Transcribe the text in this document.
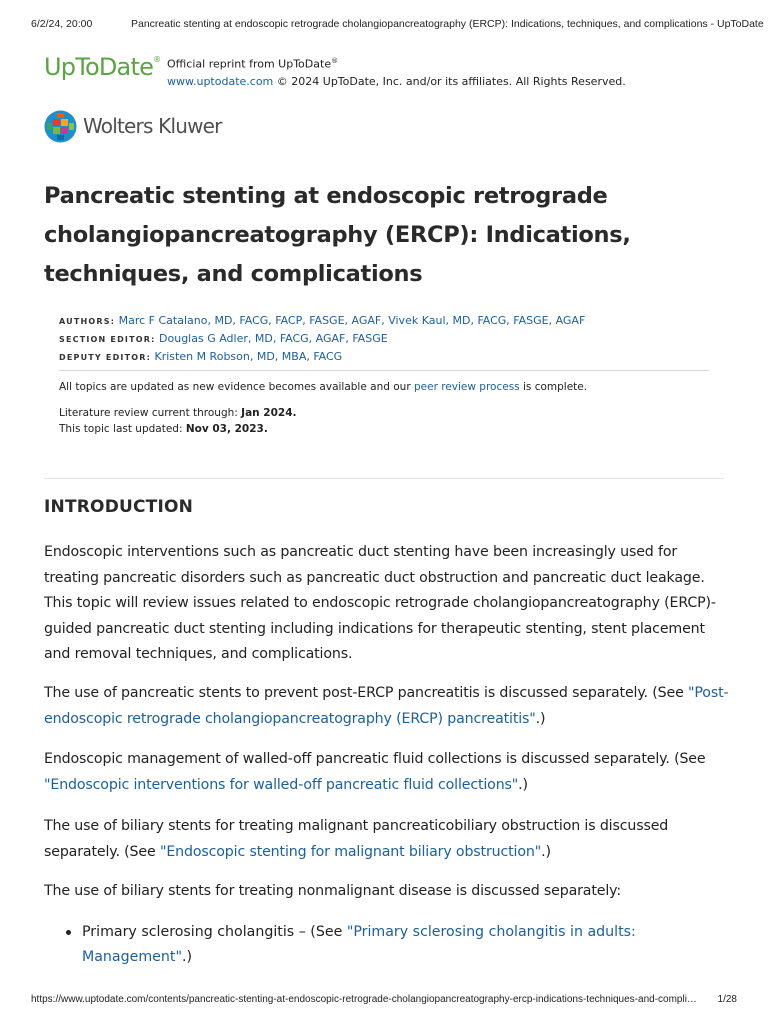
6/2/24, 20:00	Pancreatic stenting at endoscopic retrograde cholangiopancreatography (ERCP): Indications, techniques, and complications - UpToDate
UpToDate® Official reprint from UpToDate®
www.uptodate.com © 2024 UpToDate, Inc. and/or its affiliates. All Rights Reserved.
Wolters Kluwer
Pancreatic stenting at endoscopic retrograde cholangiopancreatography (ERCP): Indications, techniques, and complications
AUTHORS: Marc F Catalano, MD, FACG, FACP, FASGE, AGAF, Vivek Kaul, MD, FACG, FASGE, AGAF
SECTION EDITOR: Douglas G Adler, MD, FACG, AGAF, FASGE
DEPUTY EDITOR: Kristen M Robson, MD, MBA, FACG
All topics are updated as new evidence becomes available and our peer review process is complete.
Literature review current through: Jan 2024.
This topic last updated: Nov 03, 2023.
INTRODUCTION

Endoscopic interventions such as pancreatic duct stenting have been increasingly used for treating pancreatic disorders such as pancreatic duct obstruction and pancreatic duct leakage. This topic will review issues related to endoscopic retrograde cholangiopancreatography (ERCP)-guided pancreatic duct stenting including indications for therapeutic stenting, stent placement and removal techniques, and complications.

The use of pancreatic stents to prevent post-ERCP pancreatitis is discussed separately. (See "Post-endoscopic retrograde cholangiopancreatography (ERCP) pancreatitis".)

Endoscopic management of walled-off pancreatic fluid collections is discussed separately. (See "Endoscopic interventions for walled-off pancreatic fluid collections".)

The use of biliary stents for treating malignant pancreaticobiliary obstruction is discussed separately. (See "Endoscopic stenting for malignant biliary obstruction".)

The use of biliary stents for treating nonmalignant disease is discussed separately:

Primary sclerosing cholangitis – (See "Primary sclerosing cholangitis in adults: Management".)
https://www.uptodate.com/contents/pancreatic-stenting-at-endoscopic-retrograde-cholangiopancreatography-ercp-indications-techniques-and-compli…	1/28
